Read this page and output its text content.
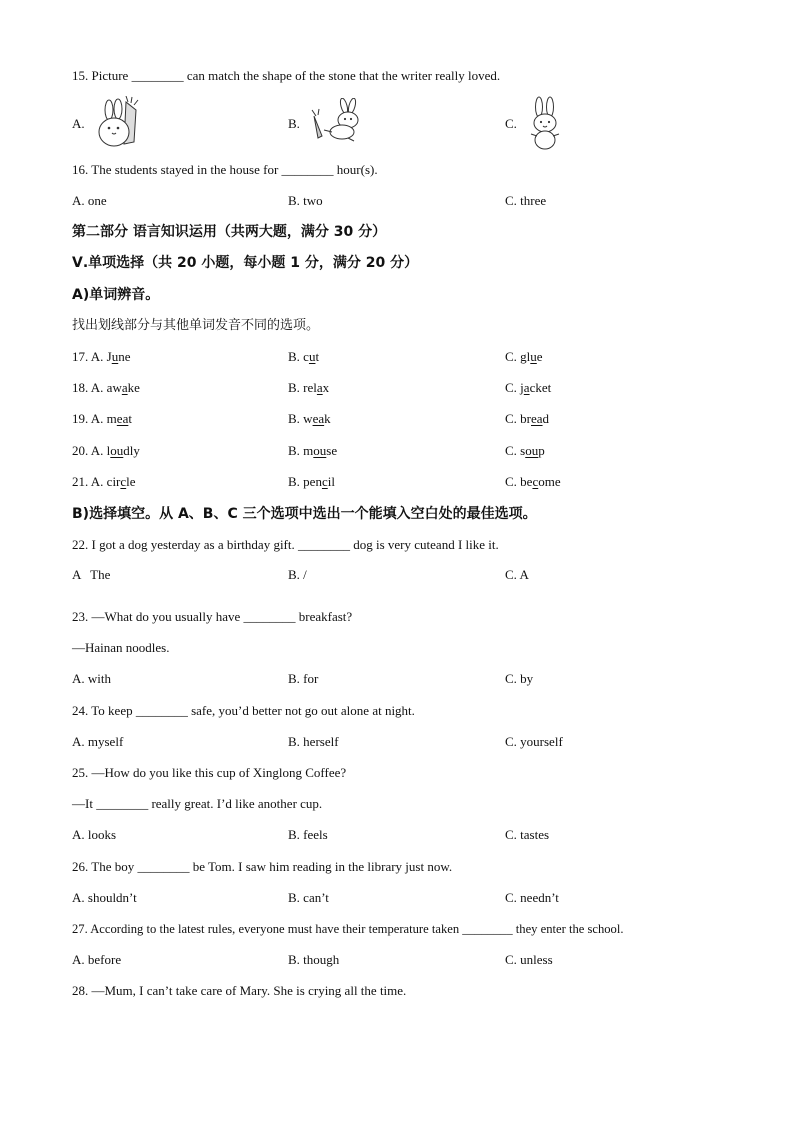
15. Picture ________ can match the shape of the stone that the writer really loved.
A.	B.	C.
16. The students stayed in the house for ________ hour(s).
A. one	B. two	C. three
第二部分 语言知识运用（共两大题，满分 30 分）
Ⅴ.单项选择（共 20 小题，每小题 1 分，满分 20 分）
A)单词辨音。
找出划线部分与其他单词发音不同的选项。
17. A. June	B. cut	C. glue
18. A. awake	B. relax	C. jacket
19. A. meat	B. weak	C. bread
20. A. loudly	B. mouse	C. soup
21. A. circle	B. pencil	C. become
B)选择填空。从 A、B、C 三个选项中选出一个能填入空白处的最佳选项。
22. I got a dog yesterday as a birthday gift. ________ dog is very cuteand I like it.
A   The	B. /	C. A
23. —What do you usually have ________ breakfast?
—Hainan noodles.
A. with	B. for	C. by
24. To keep ________ safe, you’d better not go out alone at night.
A. myself	B. herself	C. yourself
25. —How do you like this cup of Xinglong Coffee?
—It ________ really great. I’d like another cup.
A. looks	B. feels	C. tastes
26. The boy ________ be Tom. I saw him reading in the library just now.
A. shouldn’t	B. can’t	C. needn’t
27. According to the latest rules, everyone must have their temperature taken ________ they enter the school.
A. before	B. though	C. unless
28. —Mum, I can’t take care of Mary. She is crying all the time.
